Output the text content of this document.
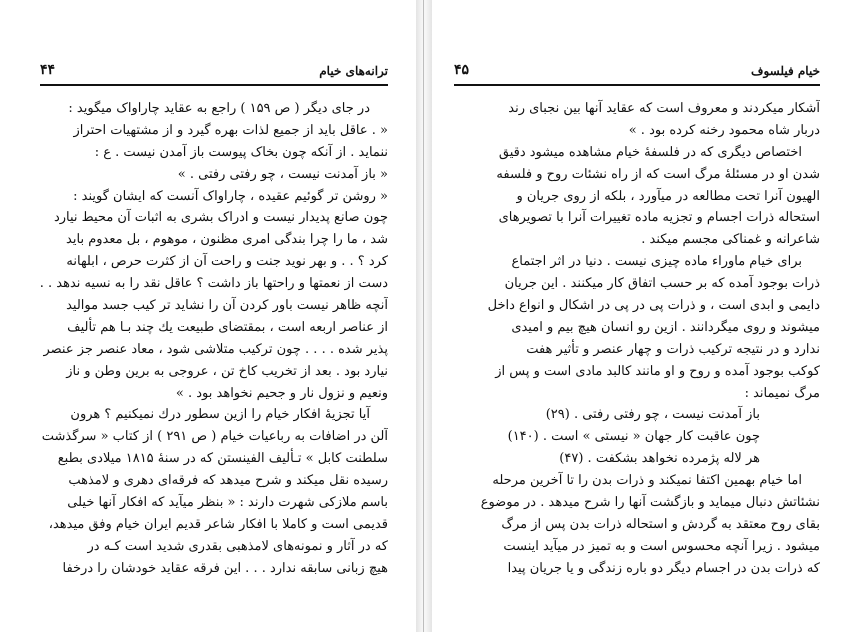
ترانه‌های خیام
۴۴
در جای دیگر ( ص ۱۵۹ ) راجع به عقاید چاراواک میگوید :
« . عاقل باید از جمیع لذات بهره گیرد و از مشتهیات احتراز
ننماید . از آنکه چون بخاک پیوست باز آمدن نیست . ع :
« باز آمدنت نیست ، چو رفتی رفتی . »
« روشن تر گوئیم عقیده ، چاراواک آنست که ایشان گویند :
چون صانع پدیدار نیست و ادراک بشری به اثبات آن محیط نیارد
شد ، ما را چرا بندگی امری مظنون ، موهوم ، بل معدوم باید
کرد ؟ . . و بهر نوید جنت و راحت آن از کثرت حرص ، ابلهانه
دست از نعمتها و راحتها باز داشت ؟ عاقل نقد را به نسیه ندهد . .
آنچه ظاهر نیست باور کردن آن را نشاید تر کیب جسد موالید
از عناصر اربعه است ، بمقتضای طبیعت یك چند بـا هم تألیف
پذیر شده . . . . چون ترکیب متلاشی شود ، معاد عنصر جز عنصر
نیارد بود . بعد از تخریب کاخ تن ، عروجی به برین وطن و ناز
ونعیم و نزول نار و جحیم نخواهد بود . »
آیا تجزیهٔ افکار خیام را ازین سطور درك نمیکنیم ؟ هرون
آلن در اضافات به رباعیات خیام ( ص ۲۹۱ ) از کتاب « سرگذشت
سلطنت کابل » تـألیف الفینستن که در سنهٔ ۱۸۱۵ میلادی بطبع
رسیده نقل میکند و شرح میدهد که فرقه‌ای دهری و لامذهب
باسم ملازکی شهرت دارند : « بنظر میآید که افکار آنها خیلی
قدیمی است و کاملا با افکار شاعر قدیم ایران خیام وفق میدهد،
که در آثار و نمونه‌های لامذهبی بقدری شدید است کـه در
هیچ زبانی سابقه ندارد . . . این فرقه عقاید خودشان را درخفا
خیام فیلسوف
۴۵
آشکار میکردند و معروف است که عقاید آنها بین نجبای رند
دربار شاه محمود رخنه کرده بود . »
اختصاص دیگری که در فلسفهٔ خیام مشاهده میشود دقیق
شدن او در مسئلهٔ مرگ است که از راه نشئات روح و فلسفه
الهیون آنرا تحت مطالعه در میآورد ، بلکه از روی جریان و
استحاله ذرات اجسام و تجزیه ماده تغییرات آنرا با تصویرهای
شاعرانه و غمناکی مجسم میکند .
برای خیام ماوراء ماده چیزی نیست . دنیا در اثر اجتماع
ذرات بوجود آمده که بر حسب اتفاق کار میکنند . این جریان
دایمی و ابدی است ، و ذرات پی در پی در اشکال و انواع داخل
میشوند و روی میگردانند . ازین رو انسان هیچ بیم و امیدی
ندارد و در نتیجه ترکیب ذرات و چهار عنصر و تأثیر هفت
کوکب بوجود آمده و روح و او مانند کالبد مادی است و پس از
مرگ نمیماند :
باز آمدنت نیست ، چو رفتی رفتی . (۲۹)
چون عاقبت کار جهان « نیستی » است . (۱۴۰)
هر لاله پژمرده نخواهد بشکفت . (۴۷)
اما خیام بهمین اکتفا نمیکند و ذرات بدن را تا آخرین مرحله
نشئاتش دنبال میماید و بازگشت آنها را شرح میدهد . در موضوع
بقای روح معتقد به گردش و استحاله ذرات بدن پس از مرگ
میشود . زیرا آنچه محسوس است و به تمیز در میآید اینست
که ذرات بدن در اجسام دیگر دو باره زندگی و یا جریان پیدا
